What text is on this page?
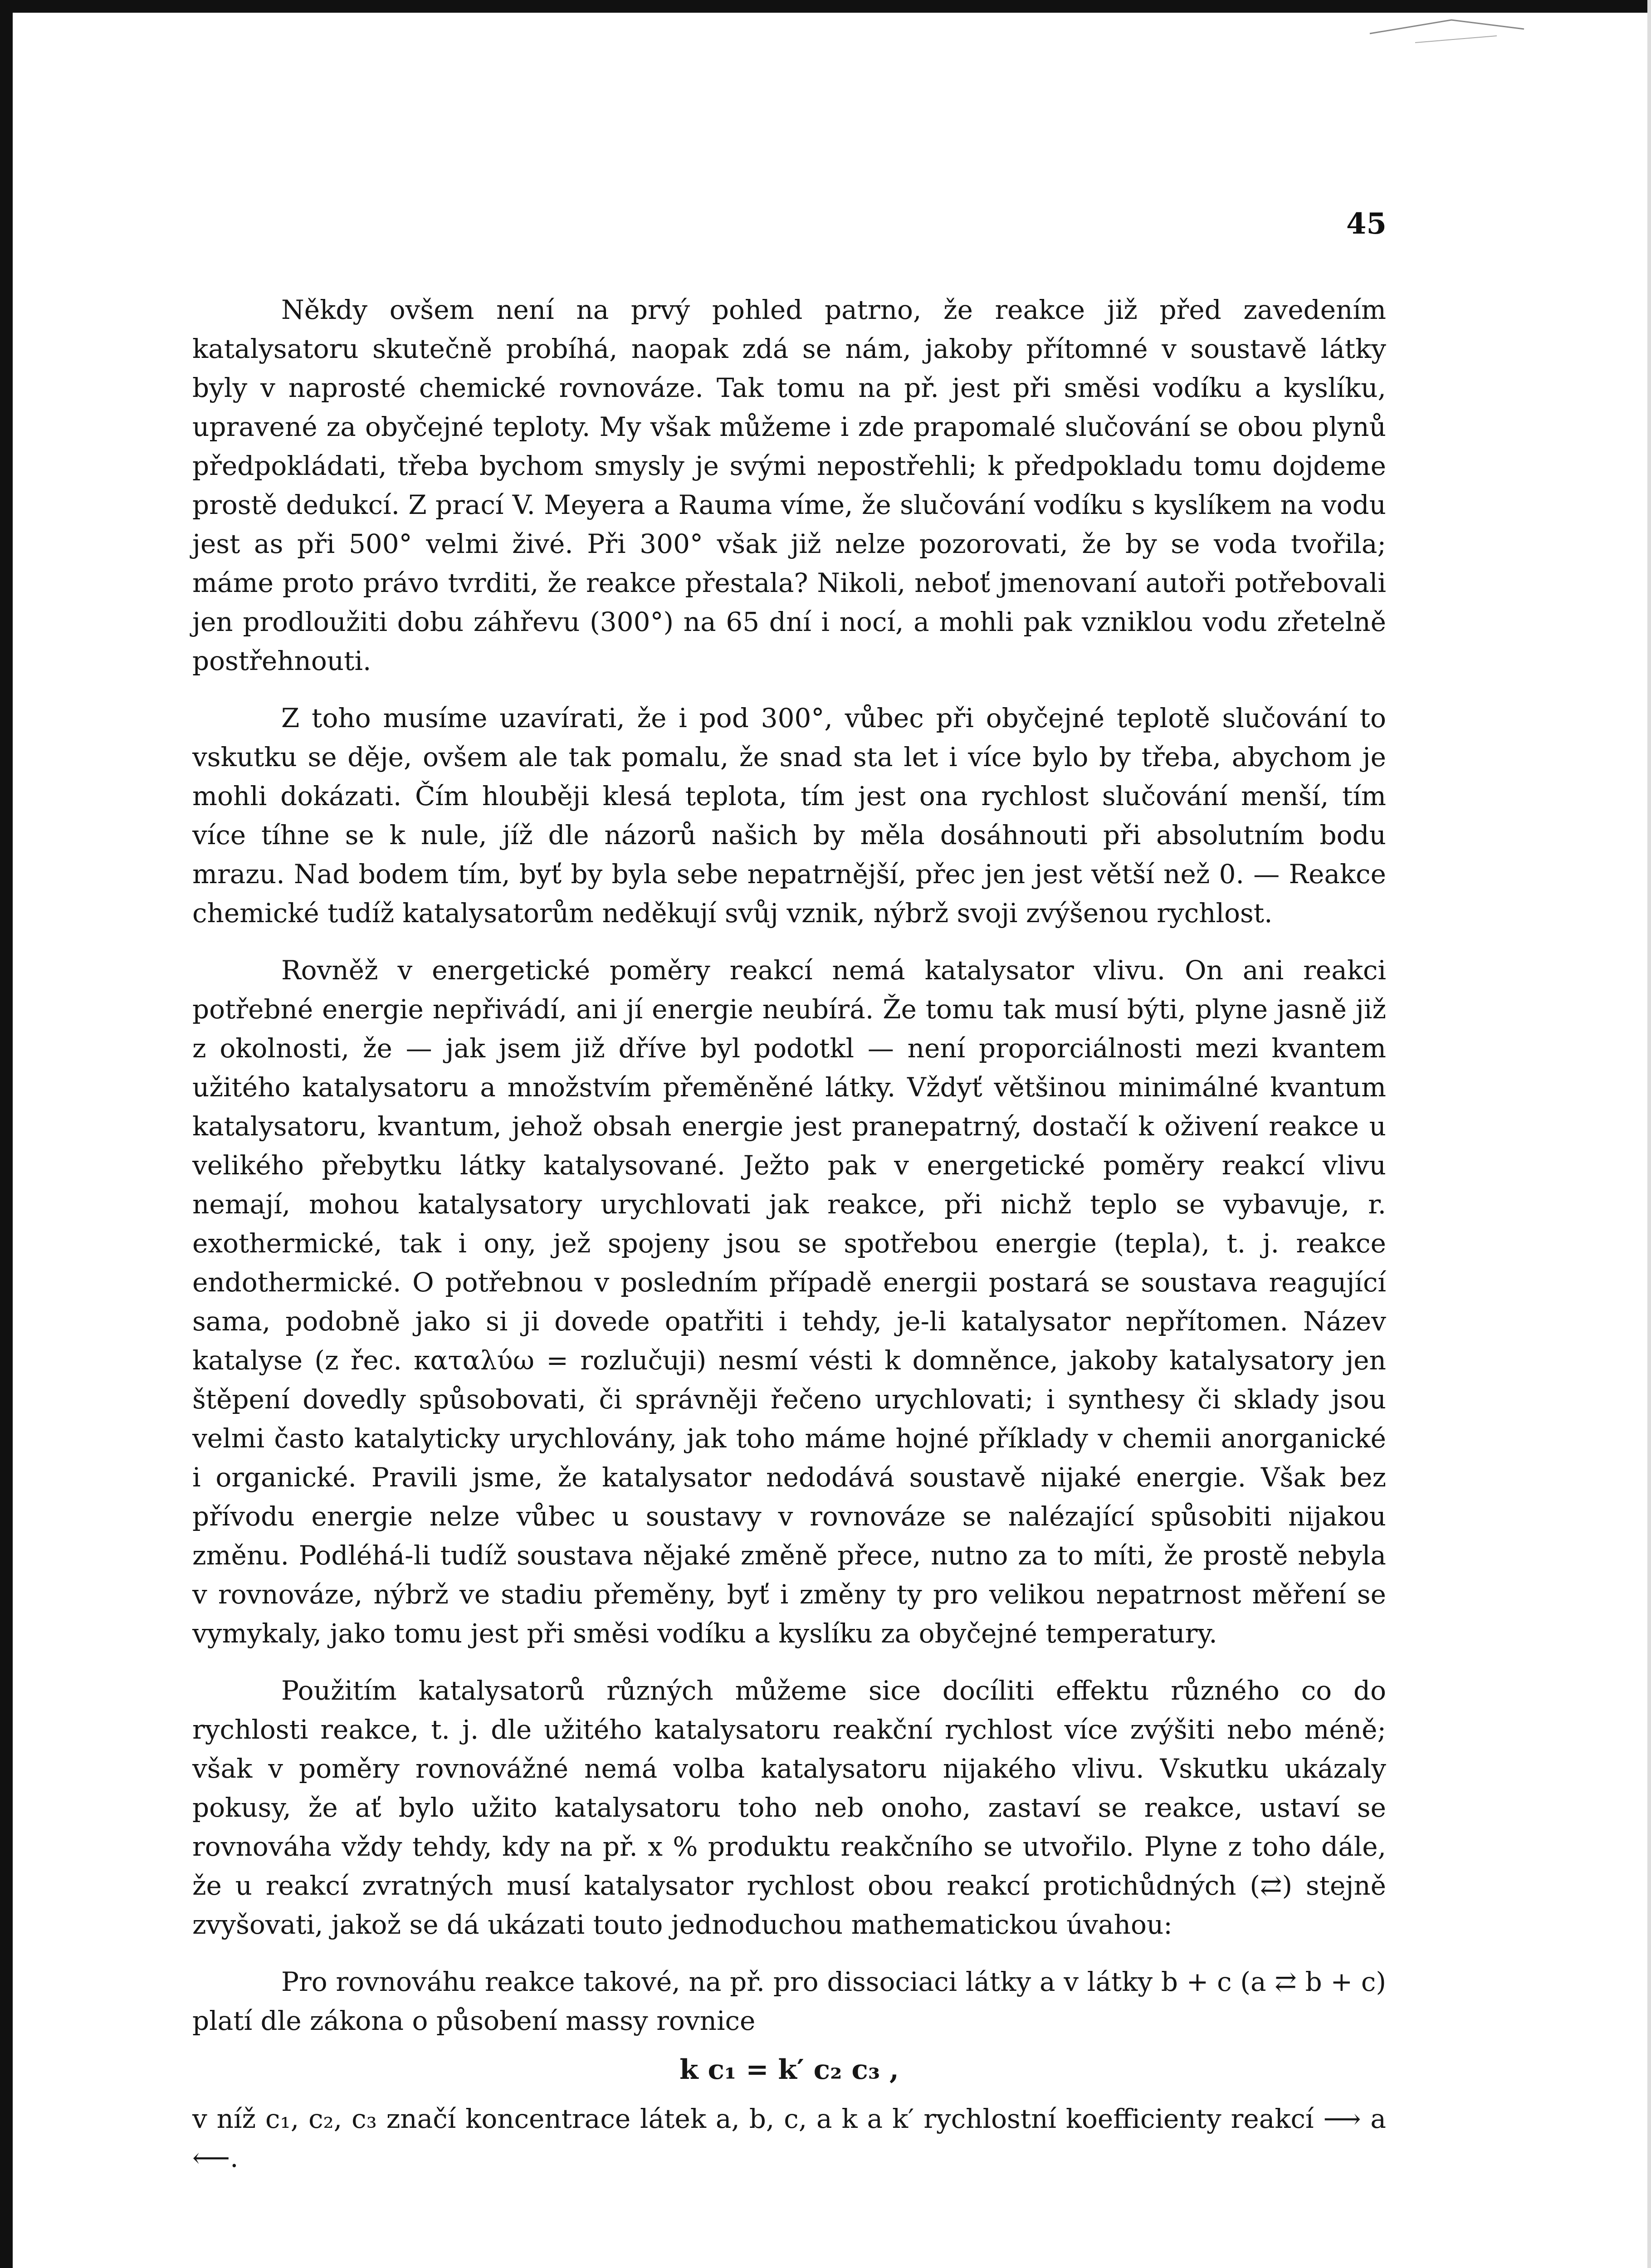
45

Někdy ovšem není na prvý pohled patrno, že reakce již před zavedením katalysatoru skutečně probíhá, naopak zdá se nám, jakoby přítomné v soustavě látky byly v naprosté chemické rovnováze. Tak tomu na př. jest při směsi vodíku a kyslíku, upravené za obyčejné teploty. My však můžeme i zde prapomalé slučování se obou plynů předpokládati, třeba bychom smysly je svými nepostřehli; k předpokladu tomu dojdeme prostě dedukcí. Z prací V. Meyera a Rauma víme, že slučování vodíku s kyslíkem na vodu jest as při 500° velmi živé. Při 300° však již nelze pozorovati, že by se voda tvořila; máme proto právo tvrditi, že reakce přestala? Nikoli, neboť jmenovaní autoři potřebovali jen prodloužiti dobu záhřevu (300°) na 65 dní i nocí, a mohli pak vzniklou vodu zřetelně postřehnouti.

Z toho musíme uzavírati, že i pod 300°, vůbec při obyčejné teplotě slučování to vskutku se děje, ovšem ale tak pomalu, že snad sta let i více bylo by třeba, abychom je mohli dokázati. Čím hlouběji klesá teplota, tím jest ona rychlost slučování menší, tím více tíhne se k nule, jíž dle názorů našich by měla dosáhnouti při absolutním bodu mrazu. Nad bodem tím, byť by byla sebe nepatrnější, přec jen jest větší než 0. — Reakce chemické tudíž katalysatorům neděkují svůj vznik, nýbrž svoji zvýšenou rychlost.

Rovněž v energetické poměry reakcí nemá katalysator vlivu. On ani reakci potřebné energie nepřivádí, ani jí energie neubírá. Že tomu tak musí býti, plyne jasně již z okolnosti, že — jak jsem již dříve byl podotkl — není proporciálnosti mezi kvantem užitého katalysatoru a množstvím přeměněné látky. Vždyť většinou minimálné kvantum katalysatoru, kvantum, jehož obsah energie jest pranepatrný, dostačí k oživení reakce u velikého přebytku látky katalysované. Ježto pak v energetické poměry reakcí vlivu nemají, mohou katalysatory urychlovati jak reakce, při nichž teplo se vybavuje, r. exothermické, tak i ony, jež spojeny jsou se spotřebou energie (tepla), t. j. reakce endothermické. O potřebnou v posledním případě energii postará se soustava reagující sama, podobně jako si ji dovede opatřiti i tehdy, je-li katalysator nepřítomen. Název katalyse (z řec. καταλύω = rozlučuji) nesmí vésti k domněnce, jakoby katalysatory jen štěpení dovedly spůsobovati, či správněji řečeno urychlovati; i synthesy či sklady jsou velmi často katalyticky urychlovány, jak toho máme hojné příklady v chemii anorganické i organické. Pravili jsme, že katalysator nedodává soustavě nijaké energie. Však bez přívodu energie nelze vůbec u soustavy v rovnováze se nalézající spůsobiti nijakou změnu. Podléhá-li tudíž soustava nějaké změně přece, nutno za to míti, že prostě nebyla v rovnováze, nýbrž ve stadiu přeměny, byť i změny ty pro velikou nepatrnost měření se vymykaly, jako tomu jest při směsi vodíku a kyslíku za obyčejné temperatury.

Použitím katalysatorů různých můžeme sice docíliti effektu různého co do rychlosti reakce, t. j. dle užitého katalysatoru reakční rychlost více zvýšiti nebo méně; však v poměry rovnovážné nemá volba katalysatoru nijakého vlivu. Vskutku ukázaly pokusy, že ať bylo užito katalysatoru toho neb onoho, zastaví se reakce, ustaví se rovnováha vždy tehdy, kdy na př. x % produktu reakčního se utvořilo. Plyne z toho dále, že u reakcí zvratných musí katalysator rychlost obou reakcí protichůdných (⇄) stejně zvyšovati, jakož se dá ukázati touto jednoduchou mathematickou úvahou:

Pro rovnováhu reakce takové, na př. pro dissociaci látky a v látky b + c (a ⇄ b + c) platí dle zákona o působení massy rovnice

k c₁ = k′ c₂ c₃ ,

v níž c₁, c₂, c₃ značí koncentrace látek a, b, c, a k a k′ rychlostní koefficienty reakcí ⟶ a ⟵.
